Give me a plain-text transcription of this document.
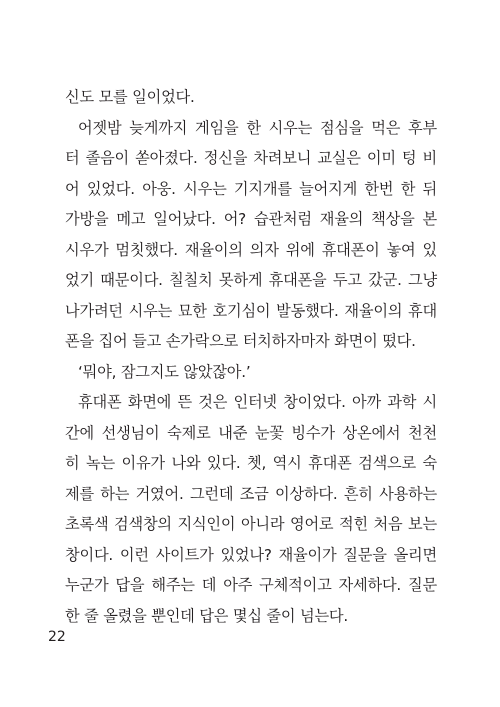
신도 모를 일이었다.
어젯밤 늦게까지 게임을 한 시우는 점심을 먹은 후부
터 졸음이 쏟아졌다. 정신을 차려보니 교실은 이미 텅 비
어 있었다. 아웅. 시우는 기지개를 늘어지게 한번 한 뒤
가방을 메고 일어났다. 어? 습관처럼 재율의 책상을 본
시우가 멈칫했다. 재율이의 의자 위에 휴대폰이 놓여 있
었기 때문이다. 칠칠치 못하게 휴대폰을 두고 갔군. 그냥
나가려던 시우는 묘한 호기심이 발동했다. 재율이의 휴대
폰을 집어 들고 손가락으로 터치하자마자 화면이 떴다.
‘뭐야, 잠그지도 않았잖아.’
휴대폰 화면에 뜬 것은 인터넷 창이었다. 아까 과학 시
간에 선생님이 숙제로 내준 눈꽃 빙수가 상온에서 천천
히 녹는 이유가 나와 있다. 쳇, 역시 휴대폰 검색으로 숙
제를 하는 거였어. 그런데 조금 이상하다. 흔히 사용하는
초록색 검색창의 지식인이 아니라 영어로 적힌 처음 보는
창이다. 이런 사이트가 있었나? 재율이가 질문을 올리면
누군가 답을 해주는 데 아주 구체적이고 자세하다. 질문
한 줄 올렸을 뿐인데 답은 몇십 줄이 넘는다.
22
